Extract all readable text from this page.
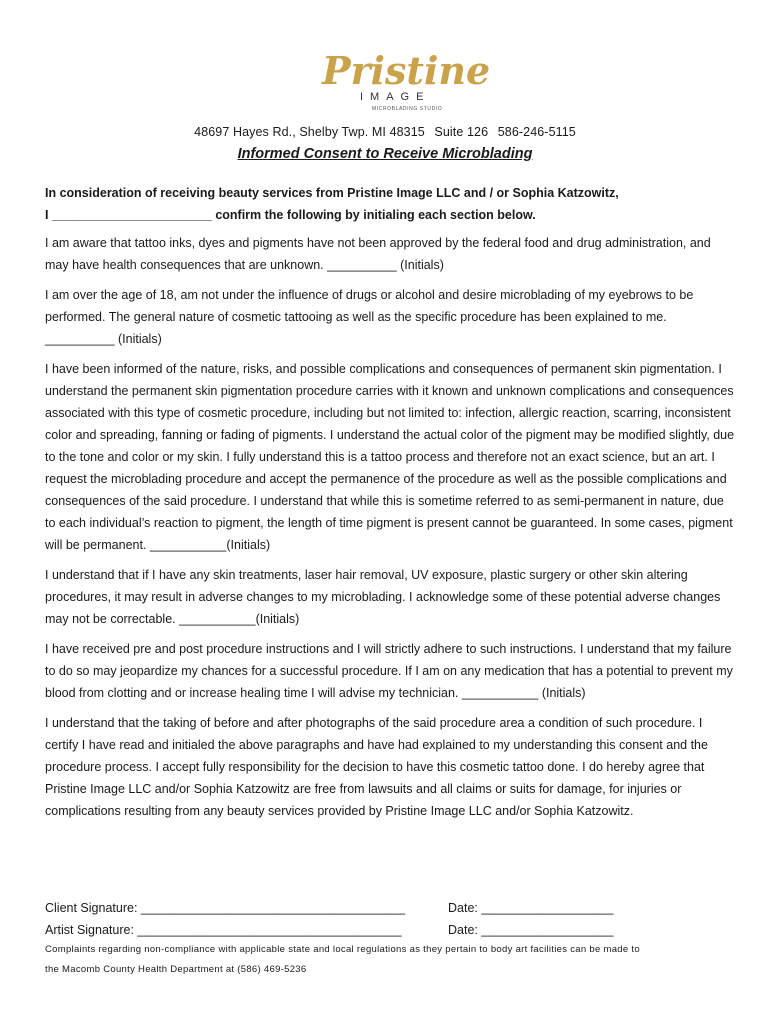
Pristine
IMAGE
MICROBLADING STUDIO
48697 Hayes Rd., Shelby Twp. MI 48315 Suite 126 586-246-5115
Informed Consent to Receive Microblading
In consideration of receiving beauty services from Pristine Image LLC and / or Sophia Katzowitz,
I _______________________ confirm the following by initialing each section below.

I am aware that tattoo inks, dyes and pigments have not been approved by the federal food and drug administration, and may have health consequences that are unknown. __________ (Initials)

I am over the age of 18, am not under the influence of drugs or alcohol and desire microblading of my eyebrows to be performed. The general nature of cosmetic tattooing as well as the specific procedure has been explained to me. __________ (Initials)

I have been informed of the nature, risks, and possible complications and consequences of permanent skin pigmentation. I understand the permanent skin pigmentation procedure carries with it known and unknown complications and consequences associated with this type of cosmetic procedure, including but not limited to: infection, allergic reaction, scarring, inconsistent color and spreading, fanning or fading of pigments. I understand the actual color of the pigment may be modified slightly, due to the tone and color or my skin. I fully understand this is a tattoo process and therefore not an exact science, but an art. I request the microblading procedure and accept the permanence of the procedure as well as the possible complications and consequences of the said procedure. I understand that while this is sometime referred to as semi-permanent in nature, due to each individual’s reaction to pigment, the length of time pigment is present cannot be guaranteed. In some cases, pigment will be permanent. ___________(Initials)

I understand that if I have any skin treatments, laser hair removal, UV exposure, plastic surgery or other skin altering procedures, it may result in adverse changes to my microblading. I acknowledge some of these potential adverse changes may not be correctable. ___________(Initials)

I have received pre and post procedure instructions and I will strictly adhere to such instructions. I understand that my failure to do so may jeopardize my chances for a successful procedure. If I am on any medication that has a potential to prevent my blood from clotting and or increase healing time I will advise my technician. ___________ (Initials)

I understand that the taking of before and after photographs of the said procedure area a condition of such procedure. I certify I have read and initialed the above paragraphs and have had explained to my understanding this consent and the procedure process. I accept fully responsibility for the decision to have this cosmetic tattoo done. I do hereby agree that Pristine Image LLC and/or Sophia Katzowitz are free from lawsuits and all claims or suits for damage, for injuries or complications resulting from any beauty services provided by Pristine Image LLC and/or Sophia Katzowitz.

Client Signature: ______________________________________	Date: ___________________
Artist Signature: ______________________________________	Date: ___________________
Complaints regarding non-compliance with applicable state and local regulations as they pertain to body art facilities can be made to
the Macomb County Health Department at (586) 469-5236
